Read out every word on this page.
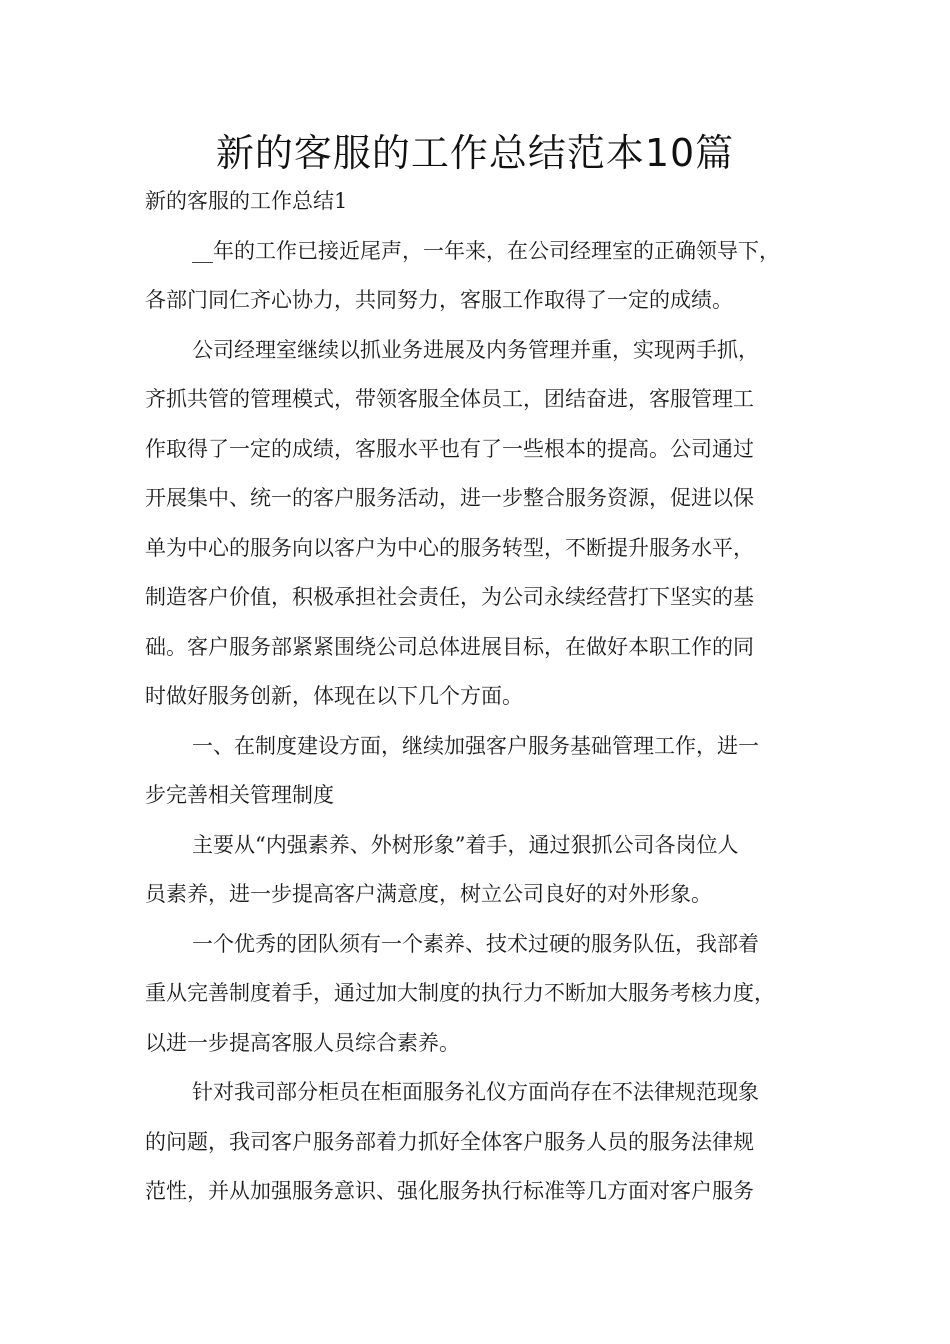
新的客服的工作总结范本10篇
新的客服的工作总结1
__年的工作已接近尾声，一年来，在公司经理室的正确领导下，
各部门同仁齐心协力，共同努力，客服工作取得了一定的成绩。
公司经理室继续以抓业务进展及内务管理并重，实现两手抓，
齐抓共管的管理模式，带领客服全体员工，团结奋进，客服管理工
作取得了一定的成绩，客服水平也有了一些根本的提高。公司通过
开展集中、统一的客户服务活动，进一步整合服务资源，促进以保
单为中心的服务向以客户为中心的服务转型，不断提升服务水平，
制造客户价值，积极承担社会责任，为公司永续经营打下坚实的基
础。客户服务部紧紧围绕公司总体进展目标，在做好本职工作的同
时做好服务创新，体现在以下几个方面。
一、在制度建设方面，继续加强客户服务基础管理工作，进一
步完善相关管理制度
主要从“内强素养、外树形象”着手，通过狠抓公司各岗位人
员素养，进一步提高客户满意度，树立公司良好的对外形象。
一个优秀的团队须有一个素养、技术过硬的服务队伍，我部着
重从完善制度着手，通过加大制度的执行力不断加大服务考核力度，
以进一步提高客服人员综合素养。
针对我司部分柜员在柜面服务礼仪方面尚存在不法律规范现象
的问题，我司客户服务部着力抓好全体客户服务人员的服务法律规
范性，并从加强服务意识、强化服务执行标准等几方面对客户服务
